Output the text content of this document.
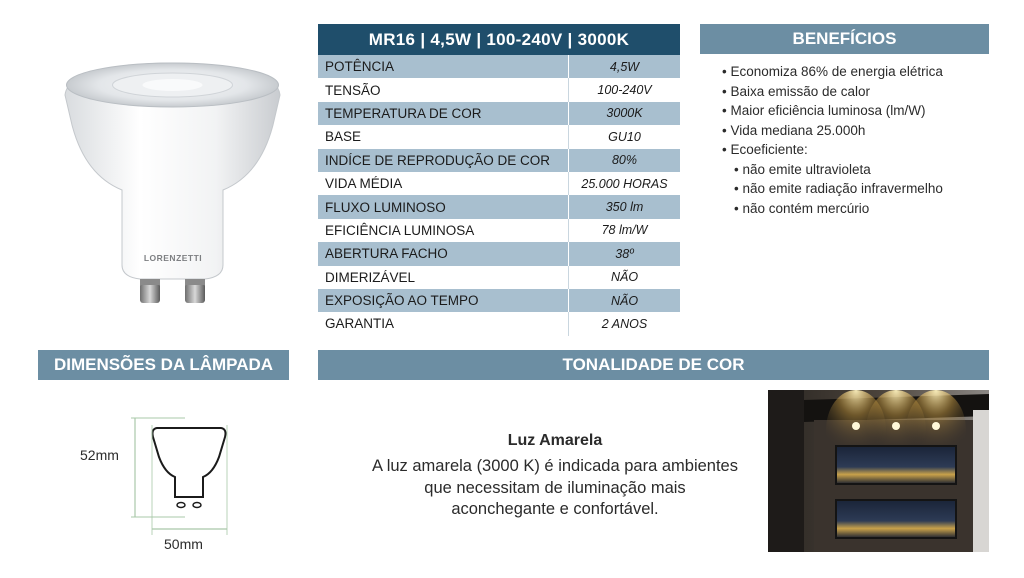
LORENZETTI
MR16 | 4,5W | 100-240V | 3000K
POTÊNCIA	4,5W
TENSÃO	100-240V
TEMPERATURA DE COR	3000K
BASE	GU10
INDÍCE DE REPRODUÇÃO DE COR	80%
VIDA MÉDIA	25.000 HORAS
FLUXO LUMINOSO	350 lm
EFICIÊNCIA LUMINOSA	78 lm/W
ABERTURA FACHO	38º
DIMERIZÁVEL	NÃO
EXPOSIÇÃO AO TEMPO	NÃO
GARANTIA	2 ANOS
BENEFÍCIOS
• Economiza 86% de energia elétrica
• Baixa emissão de calor
• Maior eficiência luminosa (lm/W)
• Vida mediana 25.000h
• Ecoeficiente:
• não emite ultravioleta
• não emite radiação infravermelho
• não contém mercúrio
DIMENSÕES DA LÂMPADA	TONALIDADE DE COR
52mm
50mm
Luz Amarela
A luz amarela (3000 K) é indicada para ambientes
que necessitam de iluminação mais
aconchegante e confortável.
